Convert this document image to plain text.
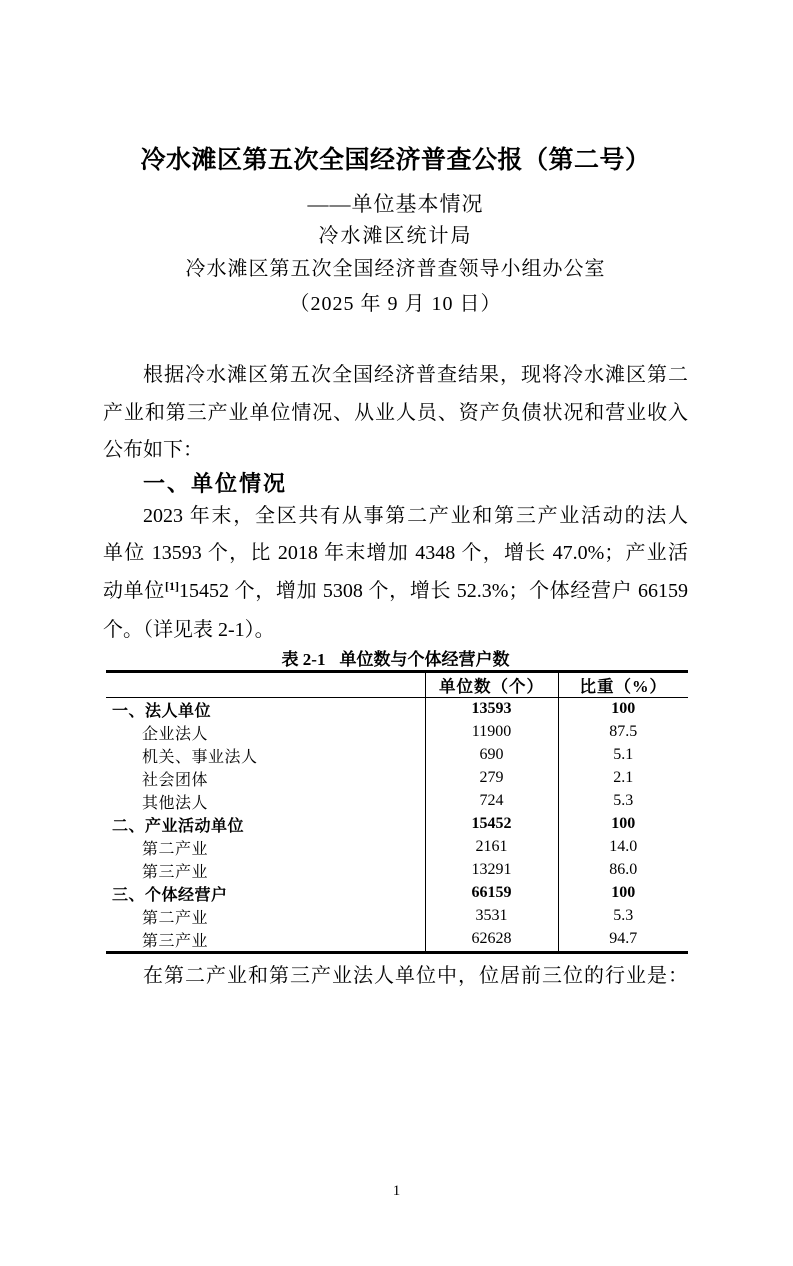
冷水滩区第五次全国经济普查公报（第二号）
——单位基本情况
冷水滩区统计局
冷水滩区第五次全国经济普查领导小组办公室
（2025 年 9 月 10 日）
根据冷水滩区第五次全国经济普查结果，现将冷水滩区第二
产业和第三产业单位情况、从业人员、资产负债状况和营业收入
公布如下：
一、单位情况
2023 年末，全区共有从事第二产业和第三产业活动的法人
单位 13593 个，比 2018 年末增加 4348 个，增长 47.0%；产业活
动单位[1]15452 个，增加 5308 个，增长 52.3%；个体经营户 66159
个。（详见表 2-1）。
表 2-1 单位数与个体经营户数
	单位数（个）	比重（%）
一、法人单位	13593	100
企业法人	11900	87.5
机关、事业法人	690	5.1
社会团体	279	2.1
其他法人	724	5.3
二、产业活动单位	15452	100
第二产业	2161	14.0
第三产业	13291	86.0
三、个体经营户	66159	100
第二产业	3531	5.3
第三产业	62628	94.7
在第二产业和第三产业法人单位中，位居前三位的行业是：
1
